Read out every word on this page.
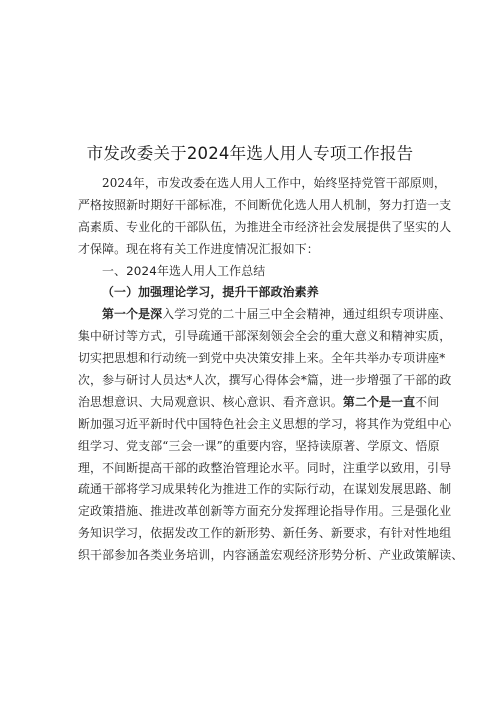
市发改委关于2024年选人用人专项工作报告
2024年，市发改委在选人用人工作中，始终坚持党管干部原则，
严格按照新时期好干部标准，不间断优化选人用人机制，努力打造一支
高素质、专业化的干部队伍，为推进全市经济社会发展提供了坚实的人
才保障。现在将有关工作进度情况汇报如下：
一、2024年选人用人工作总结
（一）加强理论学习，提升干部政治素养
第一个是深入学习党的二十届三中全会精神，通过组织专项讲座、
集中研讨等方式，引导疏通干部深刻领会全会的重大意义和精神实质，
切实把思想和行动统一到党中央决策安排上来。全年共举办专项讲座*
次，参与研讨人员达*人次，撰写心得体会*篇，进一步增强了干部的政
治思想意识、大局观意识、核心意识、看齐意识。第二个是一直不间
断加强习近平新时代中国特色社会主义思想的学习，将其作为党组中心
组学习、党支部“三会一课”的重要内容，坚持读原著、学原文、悟原
理，不间断提高干部的政整治管理论水平。同时，注重学以致用，引导
疏通干部将学习成果转化为推进工作的实际行动，在谋划发展思路、制
定政策措施、推进改革创新等方面充分发挥理论指导作用。三是强化业
务知识学习，依据发改工作的新形势、新任务、新要求，有针对性地组
织干部参加各类业务培训，内容涵盖宏观经济形势分析、产业政策解读、
